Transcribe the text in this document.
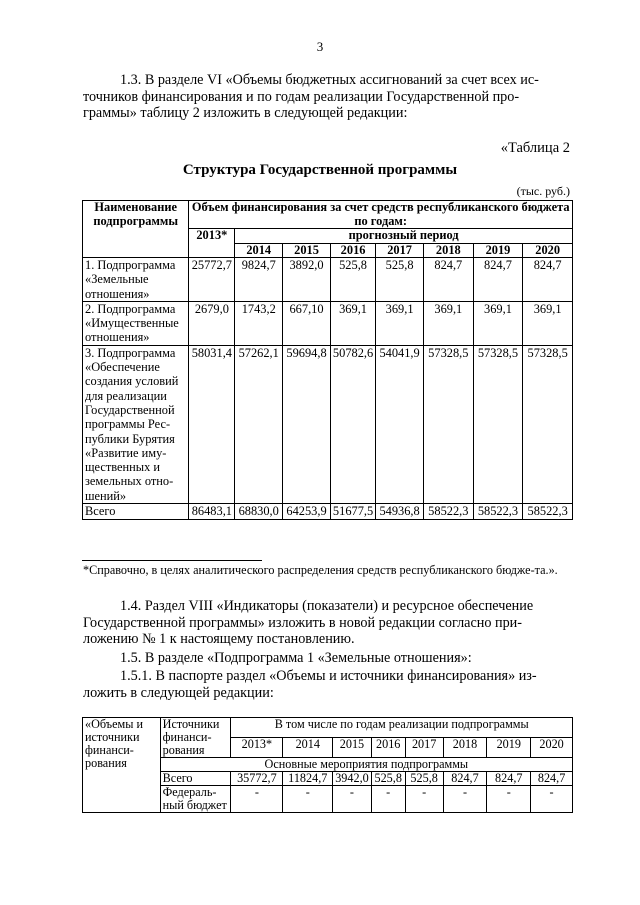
3
1.3. В разделе VI «Объемы бюджетных ассигнований за счет всех ис-
точников финансирования и по годам реализации Государственной про-
граммы» таблицу 2 изложить в следующей редакции:
«Таблица 2
Структура Государственной программы
(тыс. руб.)
Наименование подпрограммы	Объем финансирования за счет средств республиканского бюджета по годам:							
	2013*	прогнозный период						
		2014	2015	2016	2017	2018	2019	2020
1. Подпрограмма «Земельные отношения»	25772,7	9824,7	3892,0	525,8	525,8	824,7	824,7	824,7
2. Подпрограмма «Имущественные отношения»	2679,0	1743,2	667,10	369,1	369,1	369,1	369,1	369,1
3. Подпрограмма «Обеспечение создания условий для реализации Государственной программы Рес-публики Бурятия «Развитие иму-щественных и земельных отно-шений»	58031,4	57262,1	59694,8	50782,6	54041,9	57328,5	57328,5	57328,5
Всего	86483,1	68830,0	64253,9	51677,5	54936,8	58522,3	58522,3	58522,3
*Справочно, в целях аналитического распределения средств республиканского бюдже-та.».
1.4. Раздел VIII «Индикаторы (показатели) и ресурсное обеспечение
Государственной программы» изложить в новой редакции согласно при-
ложению № 1 к настоящему постановлению.
1.5. В разделе «Подпрограмма 1 «Земельные отношения»:
1.5.1. В паспорте раздел «Объемы и источники финансирования» из-
ложить в следующей редакции:
«Объемы и источники финанси-рования	Источники финанси-рования	В том числе по годам реализации подпрограммы							
		2013*	2014	2015	2016	2017	2018	2019	2020
	Основные мероприятия подпрограммы								
	Всего	35772,7	11824,7	3942,0	525,8	525,8	824,7	824,7	824,7
	Федераль-ный бюджет	-	-	-	-	-	-	-	-
